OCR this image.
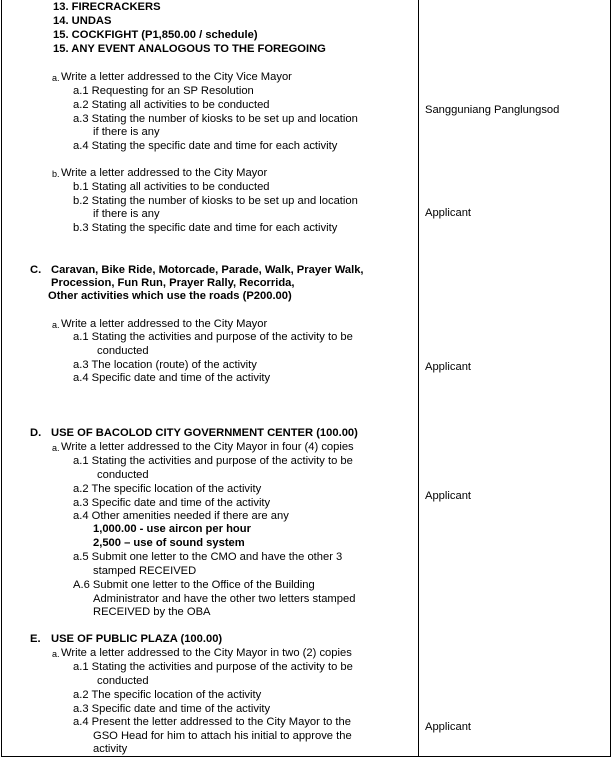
13. FIRECRACKERS
14. UNDAS
15. COCKFIGHT (P1,850.00 / schedule)
15. ANY EVENT ANALOGOUS TO THE FOREGOING
a. Write a letter addressed to the City Vice Mayor
a.1 Requesting for an SP Resolution
a.2 Stating all activities to be conducted
a.3 Stating the number of kiosks to be set up and location
if there is any
a.4 Stating the specific date and time for each activity
Sangguniang Panglungsod
b. Write a letter addressed to the City Mayor
b.1 Stating all activities to be conducted
b.2 Stating the number of kiosks to be set up and location
if there is any
b.3 Stating the specific date and time for each activity
Applicant
C. Caravan, Bike Ride, Motorcade, Parade, Walk, Prayer Walk,
Procession, Fun Run, Prayer Rally, Recorrida,
Other activities which use the roads (P200.00)
a. Write a letter addressed to the City Mayor
a.1 Stating the activities and purpose of the activity to be
conducted
a.3 The location (route) of the activity
a.4 Specific date and time of the activity
Applicant
D. USE OF BACOLOD CITY GOVERNMENT CENTER (100.00)
a. Write a letter addressed to the City Mayor in four (4) copies
a.1 Stating the activities and purpose of the activity to be
conducted
a.2 The specific location of the activity
a.3 Specific date and time of the activity
a.4 Other amenities needed if there are any
1,000.00 - use aircon per hour
2,500 – use of sound system
a.5 Submit one letter to the CMO and have the other 3
stamped RECEIVED
A.6 Submit one letter to the Office of the Building
Administrator and have the other two letters stamped
RECEIVED by the OBA
Applicant
E. USE OF PUBLIC PLAZA (100.00)
a. Write a letter addressed to the City Mayor in two (2) copies
a.1 Stating the activities and purpose of the activity to be
conducted
a.2 The specific location of the activity
a.3 Specific date and time of the activity
a.4 Present the letter addressed to the City Mayor to the
GSO Head for him to attach his initial to approve the
activity
Applicant
